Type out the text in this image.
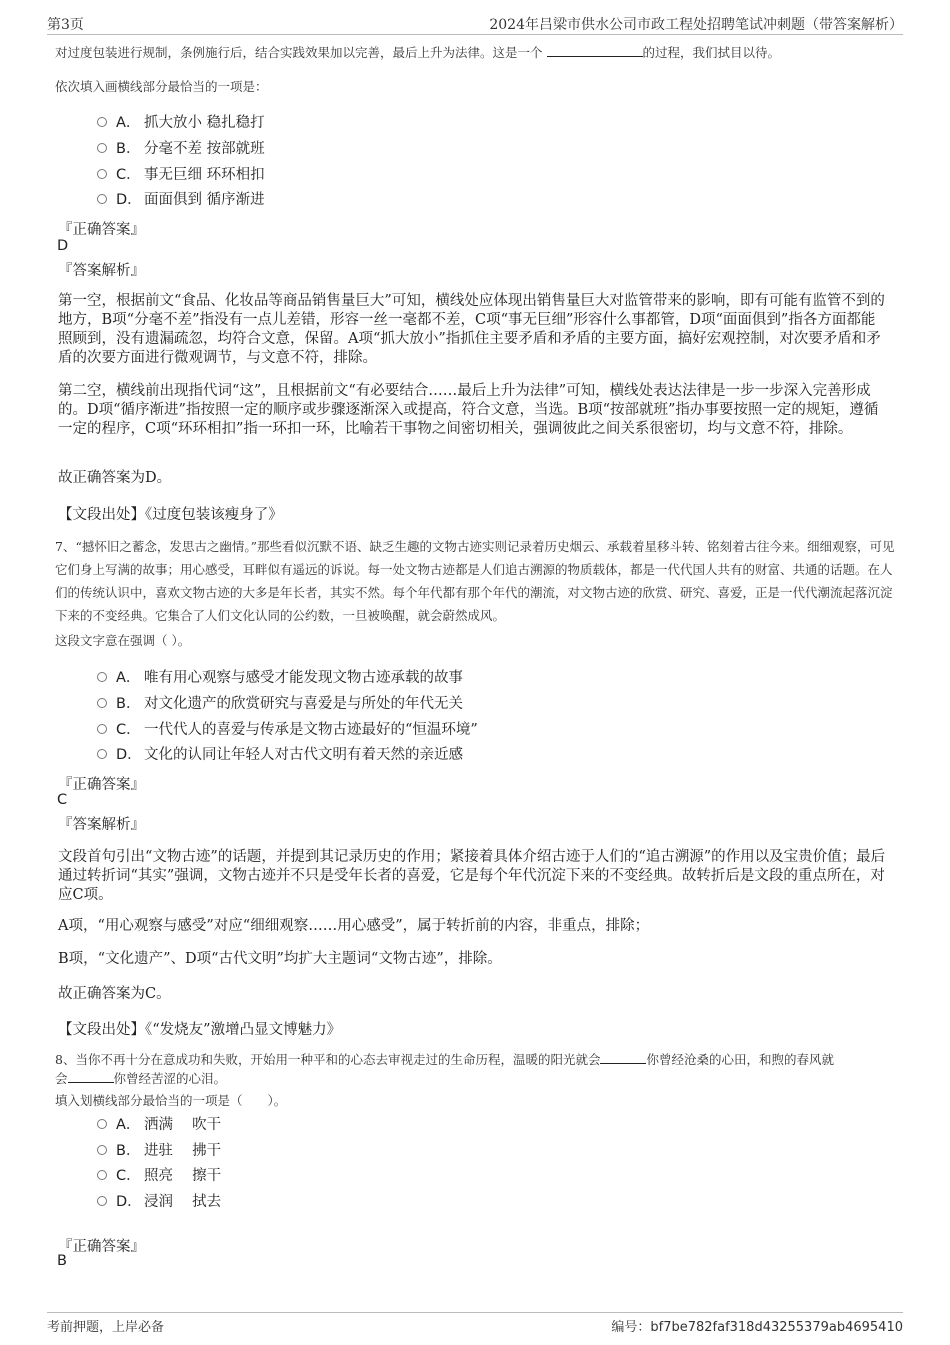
第3页	2024年吕梁市供水公司市政工程处招聘笔试冲刺题（带答案解析）
对过度包装进行规制，条例施行后，结合实践效果加以完善，最后上升为法律。这是一个	的过程，我们拭目以待。
依次填入画横线部分最恰当的一项是：
A． 抓大放小 稳扎稳打
B． 分毫不差 按部就班
C． 事无巨细 环环相扣
D． 面面俱到 循序渐进
『正确答案』
D
『答案解析』
第一空，根据前文“食品、化妆品等商品销售量巨大”可知，横线处应体现出销售量巨大对监管带来的影响，即有可能有监管不到的地方，B项“分毫不差”指没有一点儿差错，形容一丝一毫都不差，C项“事无巨细”形容什么事都管，D项“面面俱到”指各方面都能照顾到，没有遗漏疏忽，均符合文意，保留。A项“抓大放小”指抓住主要矛盾和矛盾的主要方面，搞好宏观控制，对次要矛盾和矛盾的次要方面进行微观调节，与文意不符，排除。
第二空，横线前出现指代词“这”，且根据前文“有必要结合……最后上升为法律”可知，横线处表达法律是一步一步深入完善形成的。D项“循序渐进”指按照一定的顺序或步骤逐渐深入或提高，符合文意，当选。B项“按部就班”指办事要按照一定的规矩，遵循一定的程序，C项“环环相扣”指一环扣一环，比喻若干事物之间密切相关，强调彼此之间关系很密切，均与文意不符，排除。
故正确答案为D。
【文段出处】《过度包装该瘦身了》
7、“撼怀旧之蓄念，发思古之幽情。”那些看似沉默不语、缺乏生趣的文物古迹实则记录着历史烟云、承载着星移斗转、铭刻着古往今来。细细观察，可见它们身上写满的故事；用心感受，耳畔似有遥远的诉说。每一处文物古迹都是人们追古溯源的物质载体，都是一代代国人共有的财富、共通的话题。在人们的传统认识中，喜欢文物古迹的大多是年长者，其实不然。每个年代都有那个年代的潮流，对文物古迹的欣赏、研究、喜爱，正是一代代潮流起落沉淀下来的不变经典。它集合了人们文化认同的公约数，一旦被唤醒，就会蔚然成风。
这段文字意在强调（ ）。
A． 唯有用心观察与感受才能发现文物古迹承载的故事
B． 对文化遗产的欣赏研究与喜爱是与所处的年代无关
C． 一代代人的喜爱与传承是文物古迹最好的“恒温环境”
D． 文化的认同让年轻人对古代文明有着天然的亲近感
『正确答案』
C
『答案解析』
文段首句引出“文物古迹”的话题，并提到其记录历史的作用；紧接着具体介绍古迹于人们的“追古溯源”的作用以及宝贵价值；最后通过转折词“其实”强调，文物古迹并不只是受年长者的喜爱，它是每个年代沉淀下来的不变经典。故转折后是文段的重点所在，对应C项。
A项，“用心观察与感受”对应“细细观察……用心感受”，属于转折前的内容，非重点，排除；
B项，“文化遗产”、D项“古代文明”均扩大主题词“文物古迹”，排除。
故正确答案为C。
【文段出处】《“发烧友”激增凸显文博魅力》
8、当你不再十分在意成功和失败，开始用一种平和的心态去审视走过的生命历程，温暖的阳光就会	你曾经沧桑的心田，和煦的春风就
会	你曾经苦涩的心泪。
填入划横线部分最恰当的一项是（　　）。
A． 洒满　 吹干
B． 进驻　 拂干
C． 照亮　 擦干
D． 浸润　 拭去
『正确答案』
B
考前押题，上岸必备	编号：bf7be782faf318d43255379ab4695410
